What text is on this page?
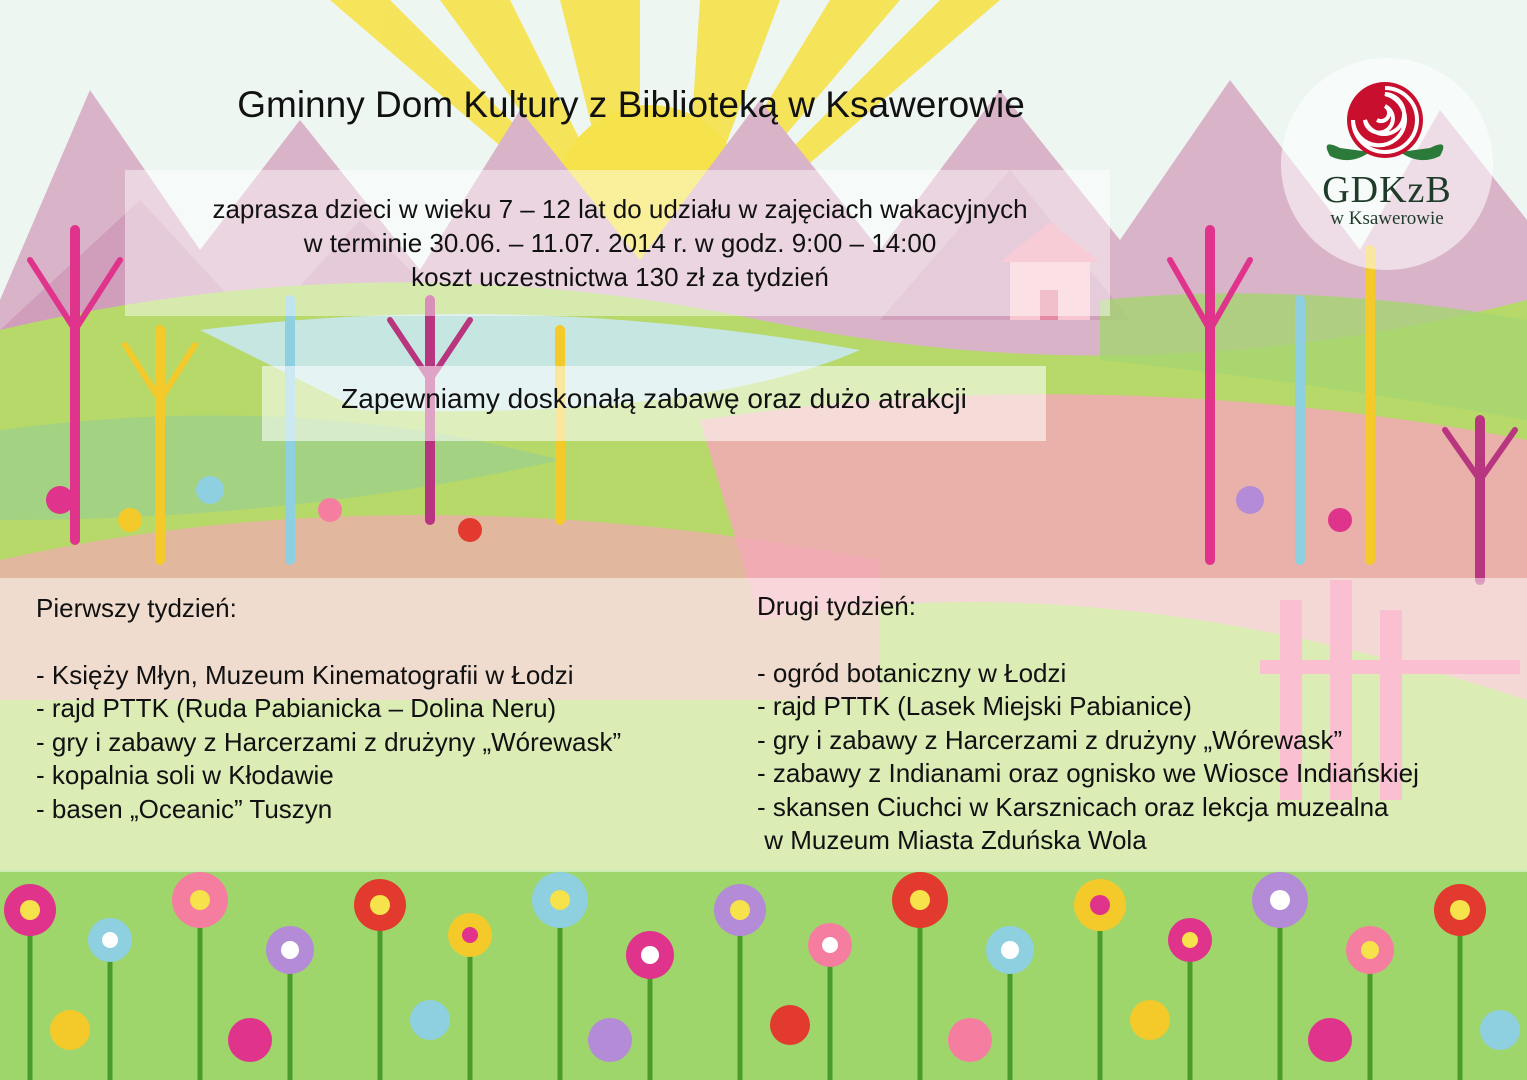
Gminny Dom Kultury z Biblioteką w Ksawerowie
zaprasza dzieci w wieku 7 – 12 lat do udziału w zajęciach wakacyjnych
w terminie 30.06. – 11.07. 2014 r. w godz. 9:00 – 14:00
koszt uczestnictwa 130 zł za tydzień
Zapewniamy doskonałą zabawę oraz dużo atrakcji
GDKzB
w Ksawerowie
Pierwszy tydzień:
- Księży Młyn, Muzeum Kinematografii w Łodzi
- rajd PTTK (Ruda Pabianicka – Dolina Neru)
- gry i zabawy z Harcerzami z drużyny „Wórewask”
- kopalnia soli w Kłodawie
- basen „Oceanic” Tuszyn
Drugi tydzień:
- ogród botaniczny w Łodzi
- rajd PTTK (Lasek Miejski Pabianice)
- gry i zabawy z Harcerzami z drużyny „Wórewask”
- zabawy z Indianami oraz ognisko we Wiosce Indiańskiej
- skansen Ciuchci w Karsznicach oraz lekcja muzealna
w Muzeum Miasta Zduńska Wola
